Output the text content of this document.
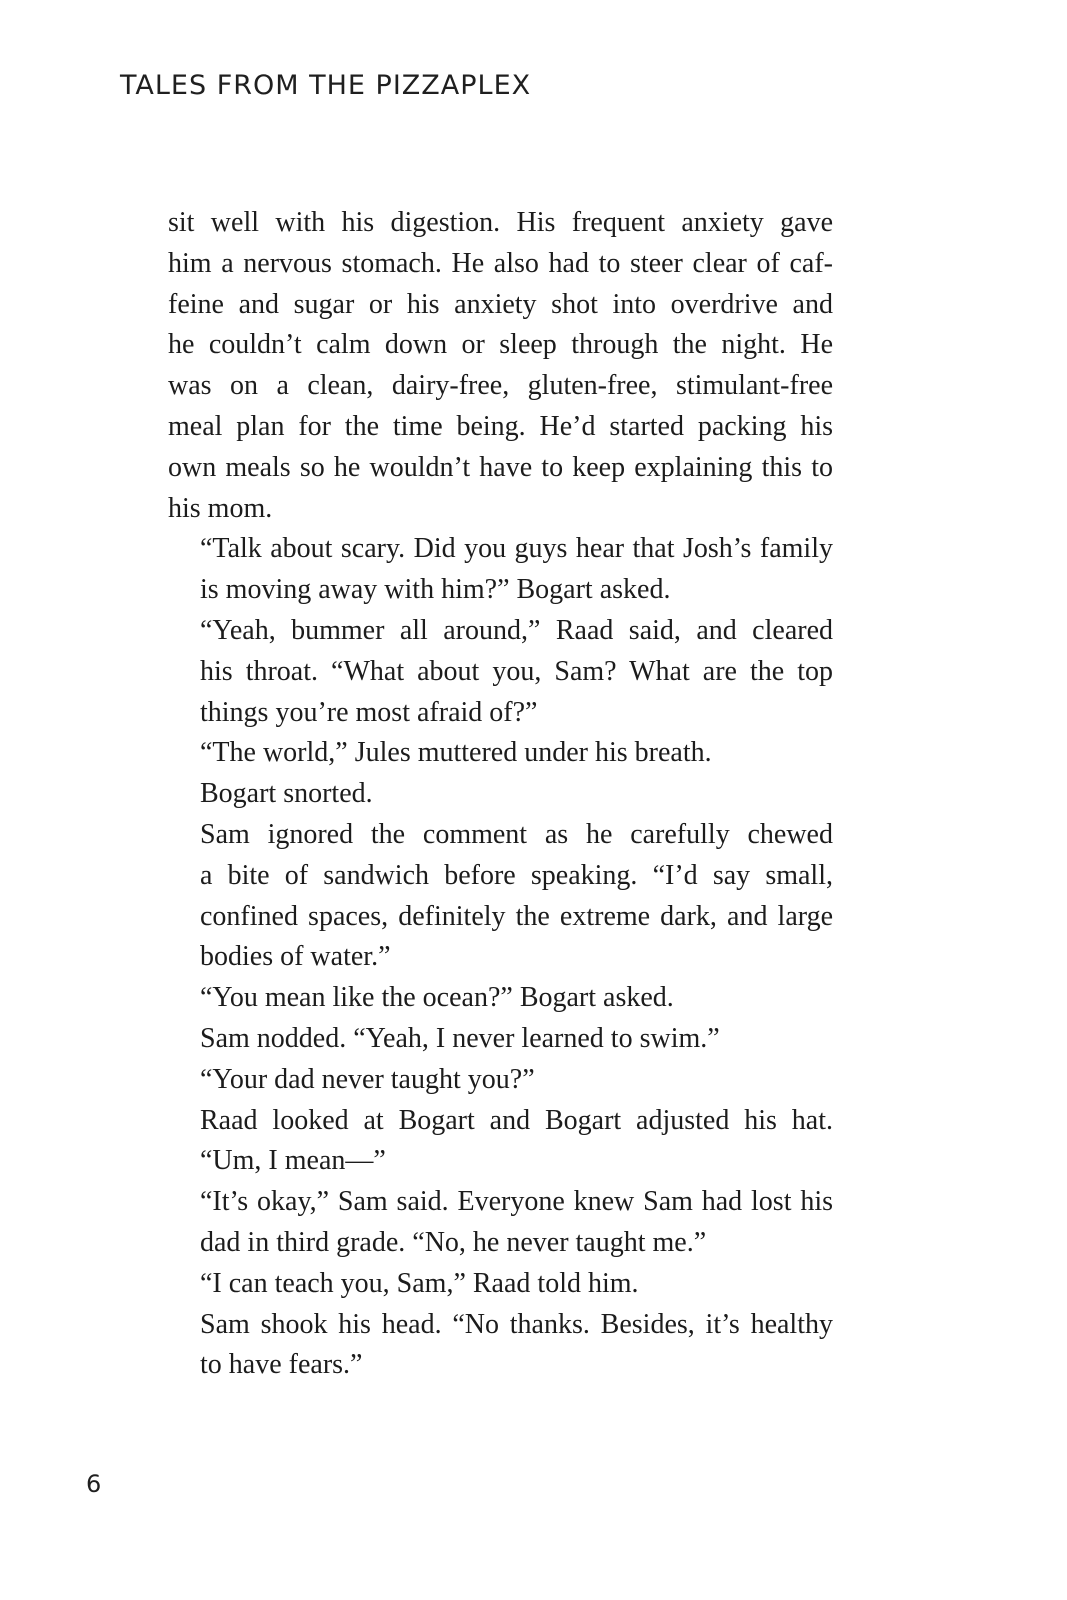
TALES FROM THE PIZZAPLEX

sit well with his digestion. His frequent anxiety gave
him a nervous stomach. He also had to steer clear of caf-
feine and sugar or his anxiety shot into overdrive and
he couldn’t calm down or sleep through the night. He
was on a clean, dairy-free, gluten-free, stimulant-free
meal plan for the time being. He’d started packing his
own meals so he wouldn’t have to keep explaining this to
his mom.

“Talk about scary. Did you guys hear that Josh’s family
is moving away with him?” Bogart asked.

“Yeah, bummer all around,” Raad said, and cleared
his throat. “What about you, Sam? What are the top
things you’re most afraid of?”

“The world,” Jules muttered under his breath.

Bogart snorted.

Sam ignored the comment as he carefully chewed
a bite of sandwich before speaking. “I’d say small,
confined spaces, definitely the extreme dark, and large
bodies of water.”

“You mean like the ocean?” Bogart asked.

Sam nodded. “Yeah, I never learned to swim.”

“Your dad never taught you?”

Raad looked at Bogart and Bogart adjusted his hat.
“Um, I mean—”

“It’s okay,” Sam said. Everyone knew Sam had lost his
dad in third grade. “No, he never taught me.”

“I can teach you, Sam,” Raad told him.

Sam shook his head. “No thanks. Besides, it’s healthy
to have fears.”

6
